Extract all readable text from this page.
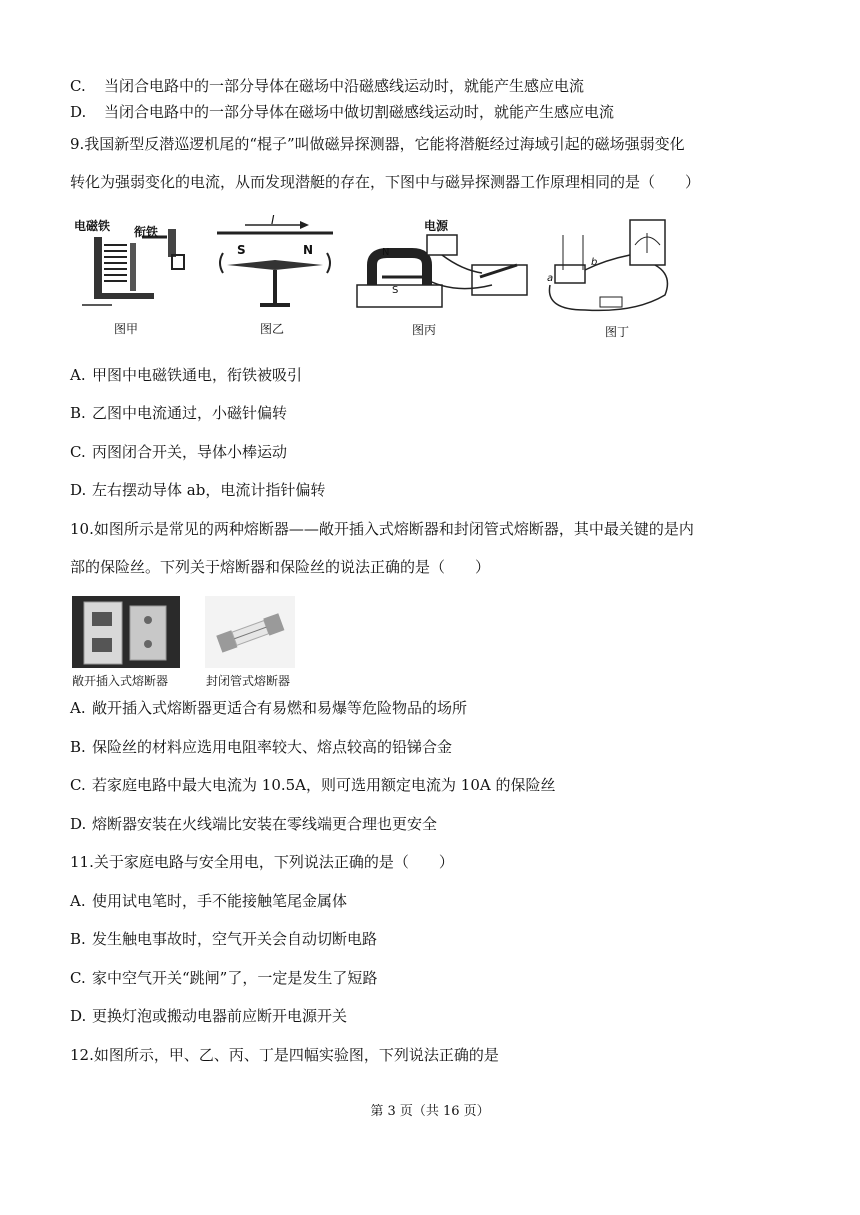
C. 当闭合电路中的一部分导体在磁场中沿磁感线运动时，就能产生感应电流
D. 当闭合电路中的一部分导体在磁场中做切割磁感线运动时，就能产生感应电流
9.我国新型反潜巡逻机尾的“棍子”叫做磁异探测器，它能将潜艇经过海域引起的磁场强弱变化
转化为强弱变化的电流，从而发现潜艇的存在，下图中与磁异探测器工作原理相同的是（　　）
电磁铁 衔铁
图甲
I
S	N
图乙
电源
N
S
图丙
a
b
图丁
A. 甲图中电磁铁通电，衔铁被吸引
B. 乙图中电流通过，小磁针偏转
C. 丙图闭合开关，导体小棒运动
D. 左右摆动导体 ab，电流计指针偏转
10.如图所示是常见的两种熔断器——敞开插入式熔断器和封闭管式熔断器，其中最关键的是内
部的保险丝。下列关于熔断器和保险丝的说法正确的是（　　）
敞开插入式熔断器	封闭管式熔断器
A. 敞开插入式熔断器更适合有易燃和易爆等危险物品的场所
B. 保险丝的材料应选用电阻率较大、熔点较高的铅锑合金
C. 若家庭电路中最大电流为 10.5A，则可选用额定电流为 10A 的保险丝
D. 熔断器安装在火线端比安装在零线端更合理也更安全
11.关于家庭电路与安全用电，下列说法正确的是（　　）
A. 使用试电笔时，手不能接触笔尾金属体
B. 发生触电事故时，空气开关会自动切断电路
C. 家中空气开关“跳闸”了，一定是发生了短路
D. 更换灯泡或搬动电器前应断开电源开关
12.如图所示，甲、乙、丙、丁是四幅实验图，下列说法正确的是
第 3 页（共 16 页）
